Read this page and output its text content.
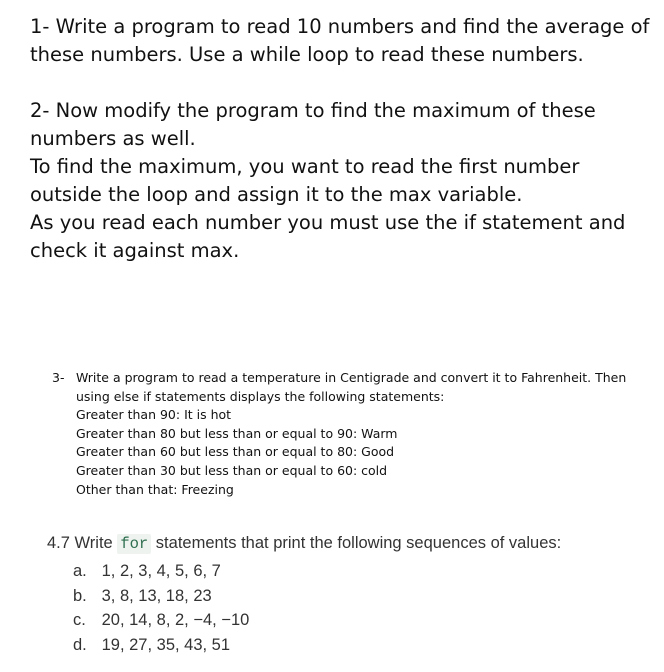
1- Write a program to read 10 numbers and find the average of

these numbers. Use a while loop to read these numbers.

2- Now modify the program to find the maximum of these

numbers as well.

To find the maximum, you want to read the first number

outside the loop and assign it to the max variable.

As you read each number you must use the if statement and

check it against max.

3- Write a program to read a temperature in Centigrade and convert it to Fahrenheit. Then
using else if statements displays the following statements:
Greater than 90: It is hot
Greater than 80 but less than or equal to 90: Warm
Greater than 60 but less than or equal to 80: Good
Greater than 30 but less than or equal to 60: cold
Other than that: Freezing
4.7 Write for statements that print the following sequences of values:
a. 1, 2, 3, 4, 5, 6, 7
b. 3, 8, 13, 18, 23
c. 20, 14, 8, 2, −4, −10
d. 19, 27, 35, 43, 51
